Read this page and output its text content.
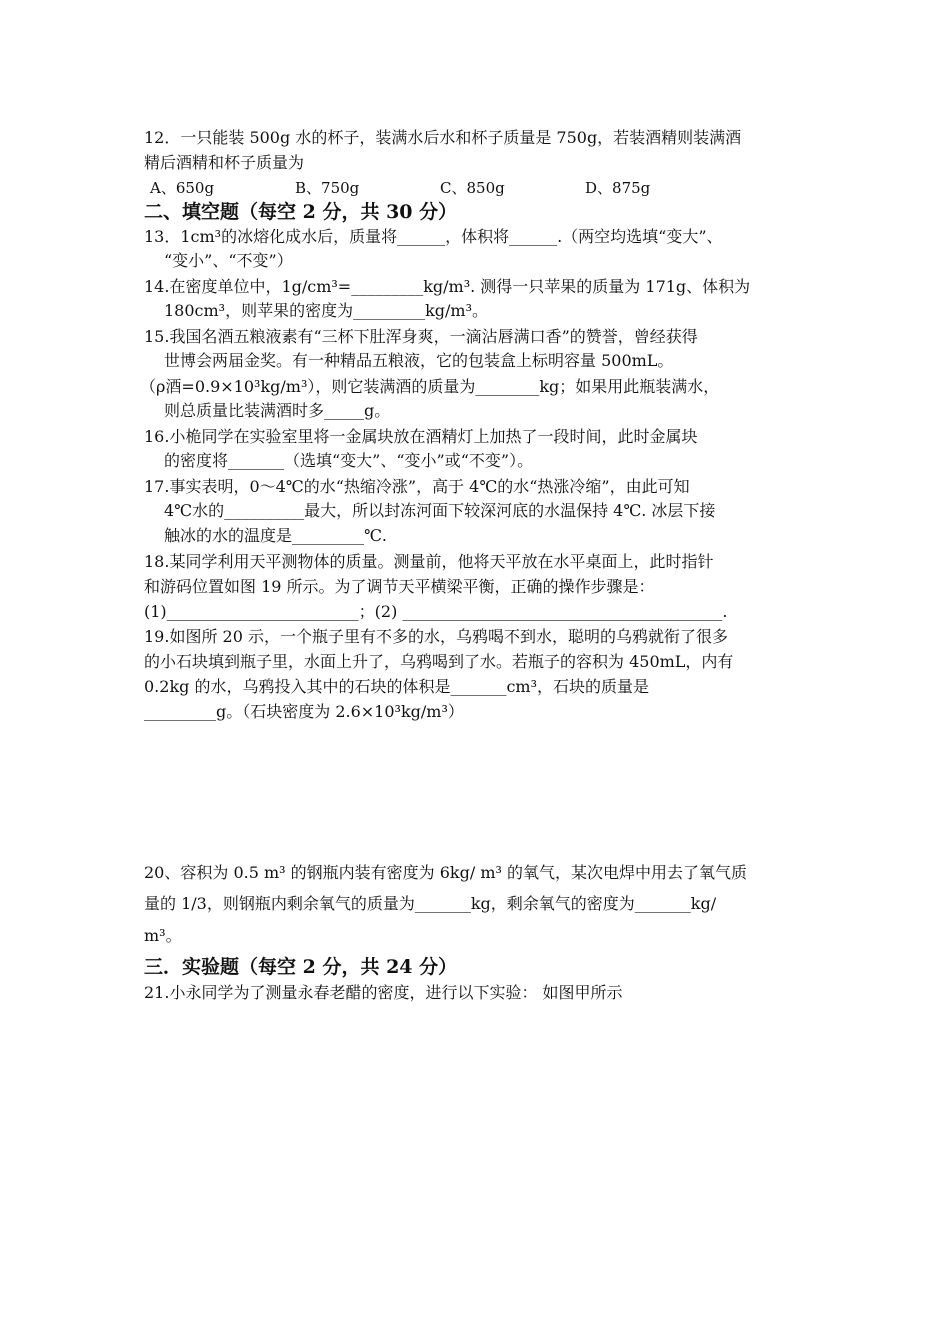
12．一只能装 500g 水的杯子，装满水后水和杯子质量是 750g，若装酒精则装满酒
精后酒精和杯子质量为
A、650g	B、750g	C、850g	D、875g
二、填空题（每空 2 分，共 30 分）
13．1cm³的冰熔化成水后，质量将______，体积将______.（两空均选填“变大”、
“变小”、“不变”）
14.在密度单位中，1g/cm³=_________kg/m³. 测得一只苹果的质量为 171g、体积为
180cm³，则苹果的密度为_________kg/m³。
15.我国名酒五粮液素有“三杯下肚浑身爽，一滴沾唇满口香”的赞誉，曾经获得
世博会两届金奖。有一种精品五粮液，它的包装盒上标明容量 500mL。
（ρ酒=0.9×10³kg/m³），则它装满酒的质量为________kg；如果用此瓶装满水，
则总质量比装满酒时多_____g。
16.小桅同学在实验室里将一金属块放在酒精灯上加热了一段时间，此时金属块
的密度将_______（选填“变大”、“变小”或“不变”）。
17.事实表明，0～4℃的水“热缩冷涨”，高于 4℃的水“热涨冷缩”，由此可知
4℃水的__________最大，所以封冻河面下较深河底的水温保持 4℃. 冰层下接
触冰的水的温度是_________℃.
18.某同学利用天平测物体的质量。测量前，他将天平放在水平桌面上，此时指针
和游码位置如图 19 所示。为了调节天平横梁平衡，正确的操作步骤是：
(1)________________________；(2) ________________________________________.
19.如图所 20 示，一个瓶子里有不多的水，乌鸦喝不到水，聪明的乌鸦就衔了很多
的小石块填到瓶子里，水面上升了，乌鸦喝到了水。若瓶子的容积为 450mL，内有
0.2kg 的水，乌鸦投入其中的石块的体积是_______cm³，石块的质量是
_________g。（石块密度为 2.6×10³kg/m³）
20、容积为 0.5 m³ 的钢瓶内装有密度为 6kg/ m³ 的氧气，某次电焊中用去了氧气质
量的 1/3，则钢瓶内剩余氧气的质量为_______kg，剩余氧气的密度为_______kg/
m³。
三．实验题（每空 2 分，共 24 分）
21.小永同学为了测量永春老醋的密度，进行以下实验： 如图甲所示
